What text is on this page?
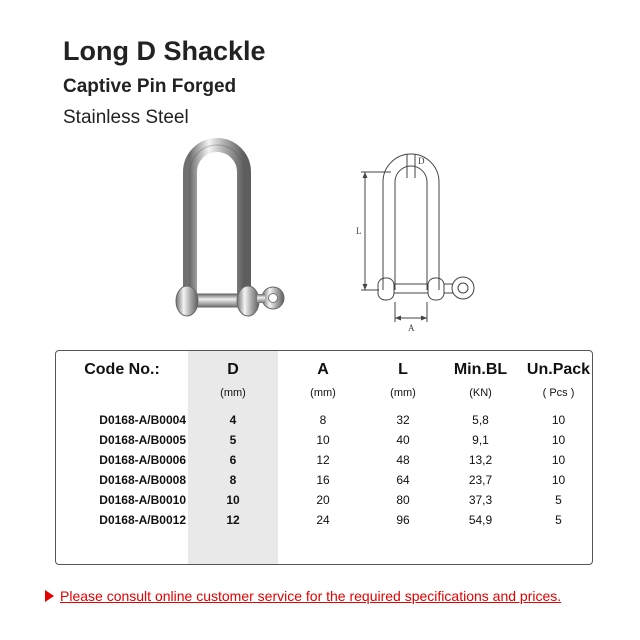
Long D Shackle
Captive Pin Forged
Stainless Steel
D
L
A
Code No.:
D0168-A/B0004
D0168-A/B0005
D0168-A/B0006
D0168-A/B0008
D0168-A/B0010
D0168-A/B0012
D
(mm)
4
5
6
8
10
12
A
(mm)
8
10
12
16
20
24
L
(mm)
32
40
48
64
80
96
Min.BL
(KN)
5,8
9,1
13,2
23,7
37,3
54,9
Un.Pack
( Pcs )
10
10
10
10
5
5
Please consult online customer service for the required specifications and prices.
